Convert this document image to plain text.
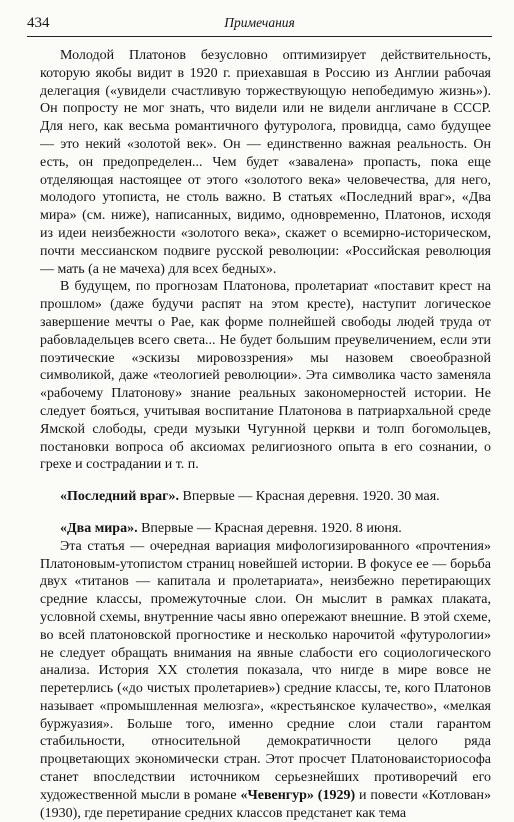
434	Примечания

Молодой Платонов безусловно оптимизирует действительность, которую якобы видит в 1920 г. приехавшая в Россию из Англии рабочая делегация («увидели счастливую торжествующую непобедимую жизнь»). Он попросту не мог знать, что видели или не видели англичане в СССР. Для него, как весьма романтичного футуролога, провидца, само будущее — это некий «золотой век». Он — единственно важная реальность. Он есть, он предопределен... Чем будет «завалена» пропасть, пока еще отделяющая настоящее от этого «золотого века» человечества, для него, молодого утописта, не столь важно. В статьях «Последний враг», «Два мира» (см. ниже), написанных, видимо, одновременно, Платонов, исходя из идеи неизбежности «золотого века», скажет о всемирно-историческом, почти мессианском подвиге русской революции: «Российская революция — мать (а не мачеха) для всех бедных».

В будущем, по прогнозам Платонова, пролетариат «поставит крест на прошлом» (даже будучи распят на этом кресте), наступит логическое завершение мечты о Рае, как форме полнейшей свободы людей труда от рабовладельцев всего света... Не будет большим преувеличением, если эти поэтические «эскизы мировоззрения» мы назовем своеобразной символикой, даже «теологией революции». Эта символика часто заменяла «рабочему Платонову» знание реальных закономерностей истории. Не следует бояться, учитывая воспитание Платонова в патриархальной среде Ямской слободы, среди музыки Чугунной церкви и толп богомольцев, постановки вопроса об аксиомах религиозного опыта в его сознании, о грехе и сострадании и т. п.

«Последний враг». Впервые — Красная деревня. 1920. 30 мая.

«Два мира». Впервые — Красная деревня. 1920. 8 июня.

Эта статья — очередная вариация мифологизированного «прочтения» Платоновым-утопистом страниц новейшей истории. В фокусе ее — борьба двух «титанов — капитала и пролетариата», неизбежно перетирающих средние классы, промежуточные слои. Он мыслит в рамках плаката, условной схемы, внутренние часы явно опережают внешние. В этой схеме, во всей платоновской прогностике и несколько нарочитой «футурологии» не следует обращать внимания на явные слабости его социологического анализа. История XX столетия показала, что нигде в мире вовсе не перетерлись («до чистых пролетариев») средние классы, те, кого Платонов называет «промышленная мелюзга», «крестьянское кулачество», «мелкая буржуазия». Больше того, именно средние слои стали гарантом стабильности, относительной демократичности целого ряда процветающих экономически стран. Этот просчет Платоноваисториософа станет впоследствии источником серьезнейших противоречий его художественной мысли в романе «Чевенгур» (1929) и повести «Котлован» (1930), где перетирание средних классов предстанет как тема
